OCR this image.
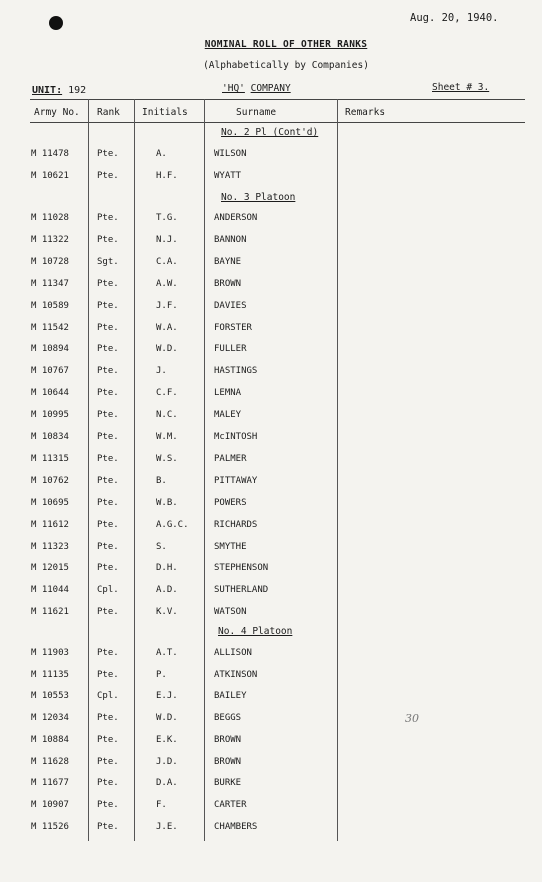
Aug. 20, 1940.
NOMINAL ROLL OF OTHER RANKS
(Alphabetically by Companies)
UNIT: 192	'HQ' COMPANY	Sheet # 3.
Army No. Rank Initials	Surname	Remarks
No. 2 Pl (Cont'd)
No. 3 Platoon
No. 4 Platoon
M 11478	Pte.	A.	WILSON
M 10621	Pte.	H.F.	WYATT
M 11028	Pte.	T.G.	ANDERSON
M 11322	Pte.	N.J.	BANNON
M 10728	Sgt.	C.A.	BAYNE
M 11347	Pte.	A.W.	BROWN
M 10589	Pte.	J.F.	DAVIES
M 11542	Pte.	W.A.	FORSTER
M 10894	Pte.	W.D.	FULLER
M 10767	Pte.	J.	HASTINGS
M 10644	Pte.	C.F.	LEMNA
M 10995	Pte.	N.C.	MALEY
M 10834	Pte.	W.M.	McINTOSH
M 11315	Pte.	W.S.	PALMER
M 10762	Pte.	B.	PITTAWAY
M 10695	Pte.	W.B.	POWERS
M 11612	Pte.	A.G.C.	RICHARDS
M 11323	Pte.	S.	SMYTHE
M 12015	Pte.	D.H.	STEPHENSON
M 11044	Cpl.	A.D.	SUTHERLAND
M 11621	Pte.	K.V.	WATSON
M 11903	Pte.	A.T.	ALLISON
M 11135	Pte.	P.	ATKINSON
M 10553	Cpl.	E.J.	BAILEY
M 12034	Pte.	W.D.	BEGGS
M 10884	Pte.	E.K.	BROWN
M 11628	Pte.	J.D.	BROWN
M 11677	Pte.	D.A.	BURKE
M 10907	Pte.	F.	CARTER
M 11526	Pte.	J.E.	CHAMBERS
30
